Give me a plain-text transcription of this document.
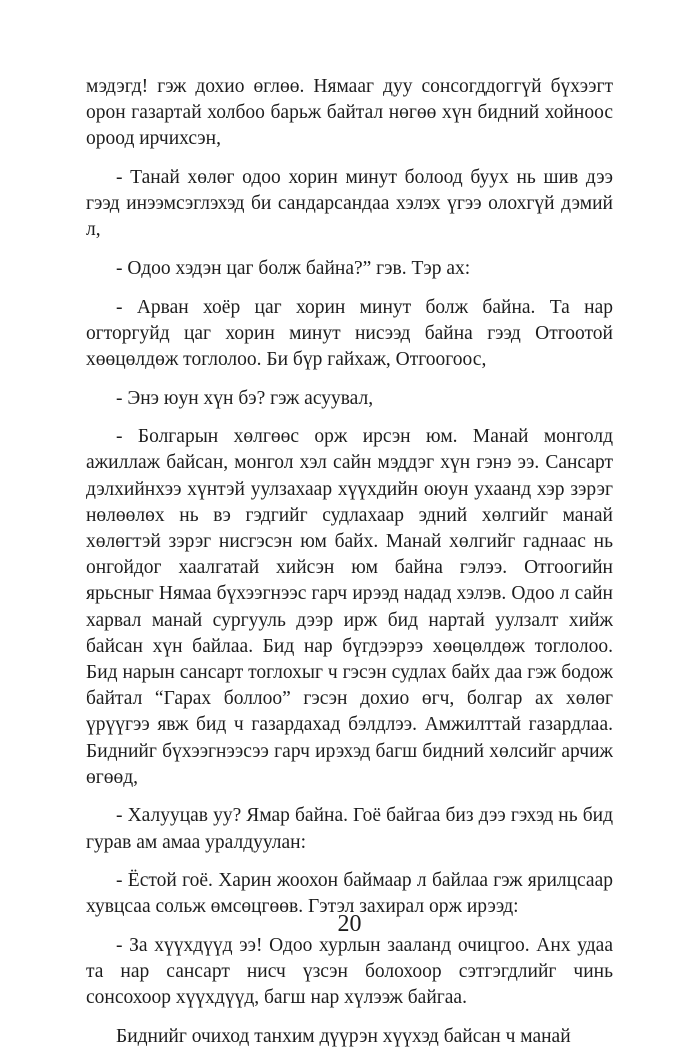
мэдэгд! гэж дохио өглөө. Нямааг дуу сонсогддоггүй бүхээгт орон газартай холбоо барьж байтал нөгөө хүн бидний хойноос ороод ирчихсэн,

- Танай хөлөг одоо хорин минут болоод буух нь шив дээ гээд инээмсэглэхэд би сандарсандаа хэлэх үгээ олохгүй дэмий л,

- Одоо хэдэн цаг болж байна?” гэв. Тэр ах:

- Арван хоёр цаг хорин минут болж байна. Та нар огторгуйд цаг хорин минут нисээд байна гээд Отгоотой хөөцөлдөж тоглолоо. Би бүр гайхаж, Отгоогоос,

- Энэ юун хүн бэ? гэж асуувал,

- Болгарын хөлгөөс орж ирсэн юм. Манай монголд ажиллаж байсан, монгол хэл сайн мэддэг хүн гэнэ ээ. Сансарт дэлхийнхээ хүнтэй уулзахаар хүүхдийн оюун ухаанд хэр зэрэг нөлөөлөх нь вэ гэдгийг судлахаар эдний хөлгийг манай хөлөгтэй зэрэг нисгэсэн юм байх. Манай хөлгийг гаднаас нь онгойдог хаалгатай хийсэн юм байна гэлээ. Отгоогийн ярьсныг Нямаа бүхээгнээс гарч ирээд надад хэлэв. Одоо л сайн харвал манай сургууль дээр ирж бид нартай уулзалт хийж байсан хүн байлаа. Бид нар бүгдээрээ хөөцөлдөж тоглолоо. Бид нарын сансарт тоглохыг ч гэсэн судлах байх даа гэж бодож байтал “Гарах боллоо” гэсэн дохио өгч, болгар ах хөлөг үрүүгээ явж бид ч газардахад бэлдлээ. Амжилттай газардлаа. Биднийг бүхээгнээсээ гарч ирэхэд багш бидний хөлсийг арчиж өгөөд,

- Халууцав уу? Ямар байна. Гоё байгаа биз дээ гэхэд нь бид гурав ам амаа уралдуулан:

- Ёстой гоё. Харин жоохон баймаар л байлаа гэж ярилцсаар хувцсаа сольж өмсөцгөөв. Гэтэл захирал орж ирээд:

- За хүүхдүүд ээ! Одоо хурлын зааланд очицгоо. Анх удаа та нар сансарт нисч үзсэн болохоор сэтгэгдлийг чинь сонсохоор хүүхдүүд, багш нар хүлээж байгаа.

Биднийг очиход танхим дүүрэн хүүхэд байсан ч манай

20
